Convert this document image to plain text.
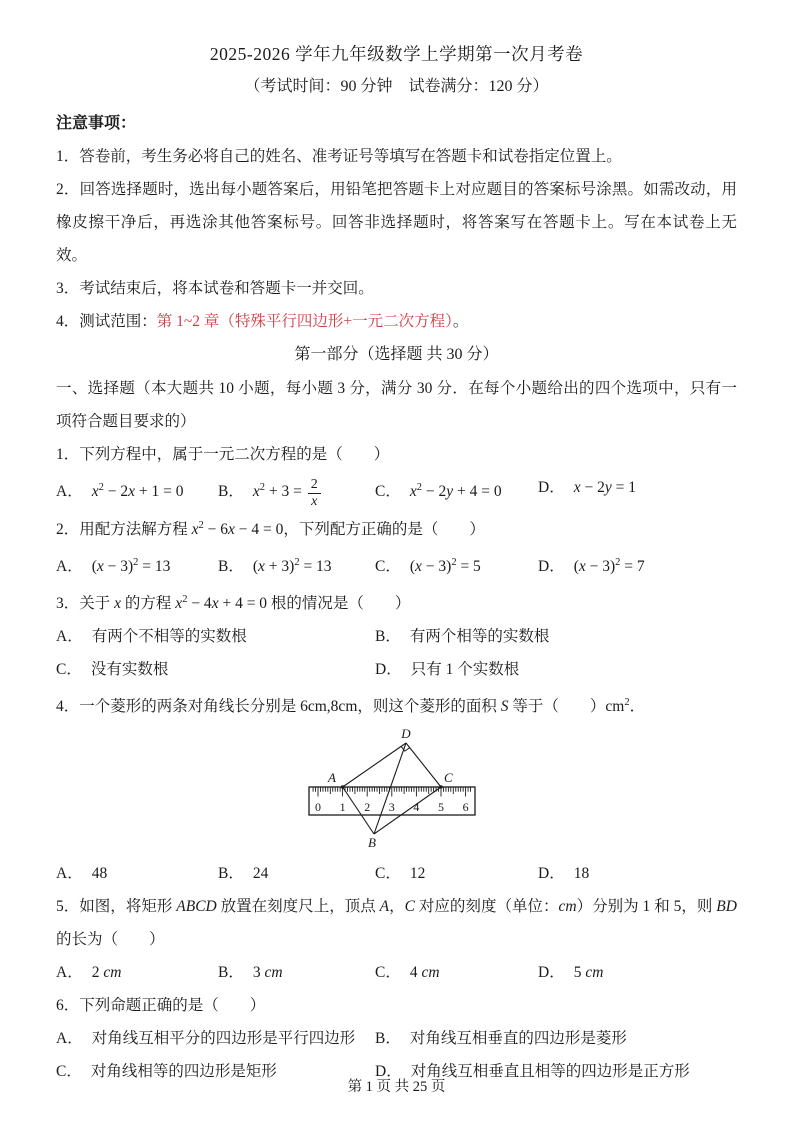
2025-2026 学年九年级数学上学期第一次月考卷
（考试时间：90 分钟　试卷满分：120 分）
注意事项：

1．答卷前，考生务必将自己的姓名、准考证号等填写在答题卡和试卷指定位置上。

2．回答选择题时，选出每小题答案后，用铅笔把答题卡上对应题目的答案标号涂黑。如需改动，用橡皮擦干净后，再选涂其他答案标号。回答非选择题时，将答案写在答题卡上。写在本试卷上无效。

3．考试结束后，将本试卷和答题卡一并交回。

4．测试范围：第 1~2 章（特殊平行四边形+一元二次方程）。

第一部分（选择题 共 30 分）

一、选择题（本大题共 10 小题，每小题 3 分，满分 30 分．在每个小题给出的四个选项中，只有一项符合题目要求的）

1．下列方程中，属于一元二次方程的是（　　）

A． $x^2 - 2x + 1 = 0$	B． $x^2 + 3 = \frac{2}{x}$	C． $x^2 - 2y + 4 = 0$	D． x − 2y = 1

2．用配方法解方程 $x^2 - 6x - 4 = 0$，下列配方正确的是（　　）

A． $(x - 3)^2 = 13$	B． $(x + 3)^2 = 13$	C． $(x - 3)^2 = 5$	D． $(x - 3)^2 = 7$

3．关于 x 的方程 $x^2 - 4x + 4 = 0$ 根的情况是（　　）

A． 有两个不相等的实数根	B． 有两个相等的实数根
C． 没有实数根	D． 只有 1 个实数根

4．一个菱形的两条对角线长分别是 6cm,8cm，则这个菱形的面积 S 等于（　　）$cm^2$．

0 1 2 3 4 5 6
A
B
C
D
A． 48	B． 24	C． 12	D． 18

5．如图，将矩形 ABCD 放置在刻度尺上，顶点 A，C 对应的刻度（单位：cm）分别为 1 和 5，则 BD 的长为（　　）

A． 2 cm	B． 3 cm	C． 4 cm	D． 5 cm

6．下列命题正确的是（　　）

A． 对角线互相平分的四边形是平行四边形	B． 对角线互相垂直的四边形是菱形
C． 对角线相等的四边形是矩形	D． 对角线互相垂直且相等的四边形是正方形
第 1 页 共 25 页
